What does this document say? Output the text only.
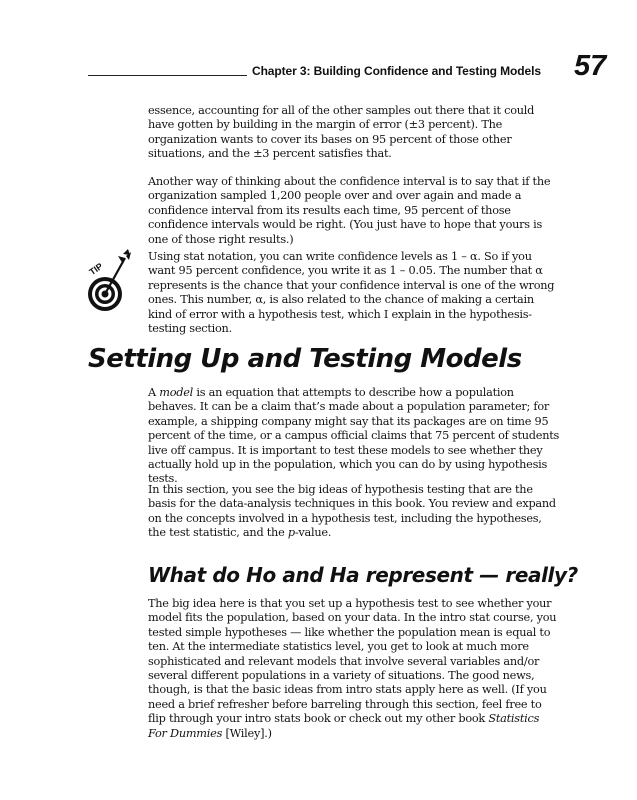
Chapter 3: Building Confidence and Testing Models	57

essence, accounting for all of the other samples out there that it could have gotten by building in the margin of error (±3 percent). The organization wants to cover its bases on 95 percent of those other situations, and the ±3 percent satisfies that.

Another way of thinking about the confidence interval is to say that if the organization sampled 1,200 people over and over again and made a confidence interval from its results each time, 95 percent of those confidence intervals would be right. (You just have to hope that yours is one of those right results.)

TIP

Using stat notation, you can write confidence levels as 1 – α. So if you want 95 percent confidence, you write it as 1 – 0.05. The number that α represents is the chance that your confidence interval is one of the wrong ones. This number, α, is also related to the chance of making a certain kind of error with a hypothesis test, which I explain in the hypothesis-testing section.

Setting Up and Testing Models

A model is an equation that attempts to describe how a population behaves. It can be a claim that’s made about a population parameter; for example, a shipping company might say that its packages are on time 95 percent of the time, or a campus official claims that 75 percent of students live off campus. It is important to test these models to see whether they actually hold up in the population, which you can do by using hypothesis tests.

In this section, you see the big ideas of hypothesis testing that are the basis for the data-analysis techniques in this book. You review and expand on the concepts involved in a hypothesis test, including the hypotheses, the test statistic, and the p-value.

What do Ho and Ha represent — really?

The big idea here is that you set up a hypothesis test to see whether your model fits the population, based on your data. In the intro stat course, you tested simple hypotheses — like whether the population mean is equal to ten. At the intermediate statistics level, you get to look at much more sophisticated and relevant models that involve several variables and/or several different populations in a variety of situations. The good news, though, is that the basic ideas from intro stats apply here as well. (If you need a brief refresher before barreling through this section, feel free to flip through your intro stats book or check out my other book Statistics For Dummies [Wiley].)
